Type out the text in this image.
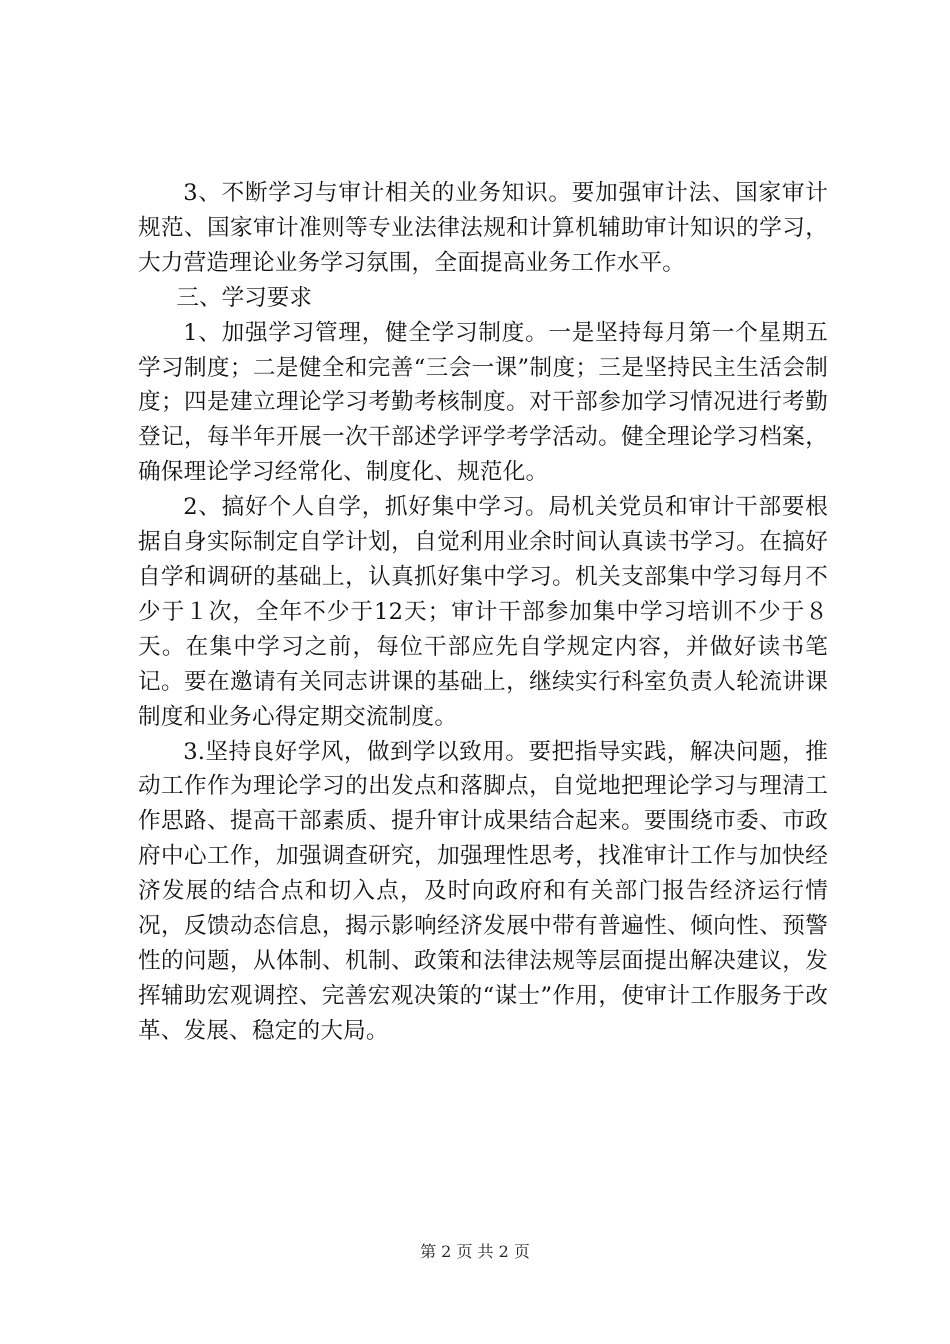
3、不断学习与审计相关的业务知识。要加强审计法、国家审计规范、国家审计准则等专业法律法规和计算机辅助审计知识的学习，大力营造理论业务学习氛围，全面提高业务工作水平。

三、学习要求

1、加强学习管理，健全学习制度。一是坚持每月第一个星期五学习制度；二是健全和完善“三会一课”制度；三是坚持民主生活会制度；四是建立理论学习考勤考核制度。对干部参加学习情况进行考勤登记，每半年开展一次干部述学评学考学活动。健全理论学习档案，确保理论学习经常化、制度化、规范化。

2、搞好个人自学，抓好集中学习。局机关党员和审计干部要根据自身实际制定自学计划，自觉利用业余时间认真读书学习。在搞好自学和调研的基础上，认真抓好集中学习。机关支部集中学习每月不少于１次，全年不少于12天；审计干部参加集中学习培训不少于８天。在集中学习之前，每位干部应先自学规定内容，并做好读书笔记。要在邀请有关同志讲课的基础上，继续实行科室负责人轮流讲课制度和业务心得定期交流制度。

3.坚持良好学风，做到学以致用。要把指导实践，解决问题，推动工作作为理论学习的出发点和落脚点，自觉地把理论学习与理清工作思路、提高干部素质、提升审计成果结合起来。要围绕市委、市政府中心工作，加强调查研究，加强理性思考，找准审计工作与加快经济发展的结合点和切入点，及时向政府和有关部门报告经济运行情况，反馈动态信息，揭示影响经济发展中带有普遍性、倾向性、预警性的问题，从体制、机制、政策和法律法规等层面提出解决建议，发挥辅助宏观调控、完善宏观决策的“谋士”作用，使审计工作服务于改革、发展、稳定的大局。

第 2 页 共 2 页
